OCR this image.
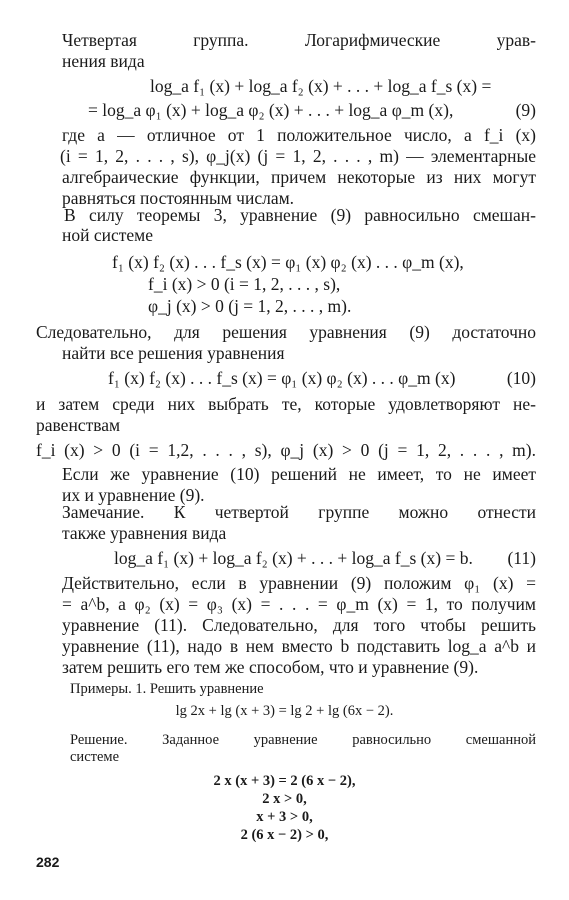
Четвертая группа. Логарифмические урав-
нения вида
log_a f₁ (x) + log_a f₂ (x) + . . . + log_a f_s (x) =
= log_a φ₁ (x) + log_a φ₂ (x) + . . . + log_a φ_m (x),	(9)
где a — отличное от 1 положительное число, а f_i (x)
(i = 1, 2, . . . , s), φ_j(x) (j = 1, 2, . . . , m) — элементарные
алгебраические функции, причем некоторые из них могут
равняться постоянным числам.
В силу теоремы 3, уравнение (9) равносильно смешан-
ной системе
f₁ (x) f₂ (x) . . . f_s (x) = φ₁ (x) φ₂ (x) . . . φ_m (x),
f_i (x) > 0 (i = 1, 2, . . . , s),
φ_j (x) > 0 (j = 1, 2, . . . , m).
Следовательно, для решения уравнения (9) достаточно
найти все решения уравнения
f₁ (x) f₂ (x) . . . f_s (x) = φ₁ (x) φ₂ (x) . . . φ_m (x)	(10)
и затем среди них выбрать те, которые удовлетворяют не-
равенствам
f_i (x) > 0 (i = 1,2, . . . , s), φ_j (x) > 0 (j = 1, 2, . . . , m).
Если же уравнение (10) решений не имеет, то не имеет
их и уравнение (9).
Замечание. К четвертой группе можно отнести
также уравнения вида
log_a f₁ (x) + log_a f₂ (x) + . . . + log_a f_s (x) = b. (11)
Действительно, если в уравнении (9) положим φ₁ (x) =
= a^b, а φ₂ (x) = φ₃ (x) = . . . = φ_m (x) = 1, то получим
уравнение (11). Следовательно, для того чтобы решить
уравнение (11), надо в нем вместо b подставить log_a a^b и
затем решить его тем же способом, что и уравнение (9).
Примеры. 1. Решить уравнение
lg 2x + lg (x + 3) = lg 2 + lg (6x − 2).
Решение. Заданное уравнение равносильно смешанной
системе
2 x (x + 3) = 2 (6 x − 2),
2 x > 0,
x + 3 > 0,
2 (6 x − 2) > 0,
282
